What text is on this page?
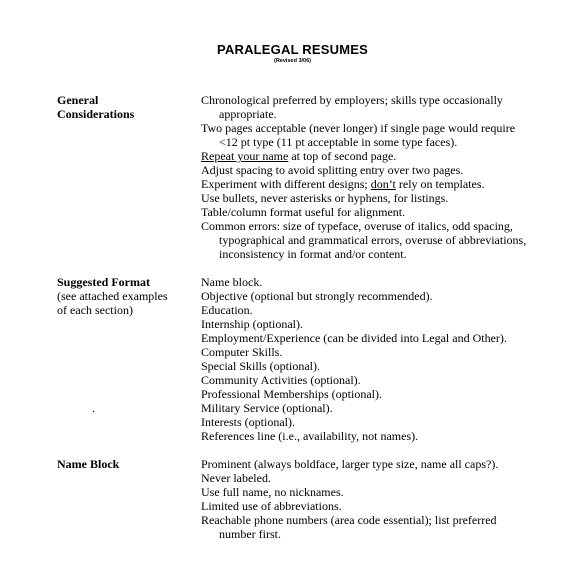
PARALEGAL RESUMES
(Revised 3/06)
General
Considerations
Chronological preferred by employers; skills type occasionally
appropriate.
Two pages acceptable (never longer) if single page would require
<12 pt type (11 pt acceptable in some type faces).
Repeat your name at top of second page.
Adjust spacing to avoid splitting entry over two pages.
Experiment with different designs; don’t rely on templates.
Use bullets, never asterisks or hyphens, for listings.
Table/column format useful for alignment.
Common errors: size of typeface, overuse of italics, odd spacing,
typographical and grammatical errors, overuse of abbreviations,
inconsistency in format and/or content.
Suggested Format
(see attached examples
of each section)
Name block.
Objective (optional but strongly recommended).
Education.
Internship (optional).
Employment/Experience (can be divided into Legal and Other).
Computer Skills.
Special Skills (optional).
Community Activities (optional).
Professional Memberships (optional).
Military Service (optional).
Interests (optional).
References line (i.e., availability, not names).
.
Name Block	Prominent (always boldface, larger type size, name all caps?).
Never labeled.
Use full name, no nicknames.
Limited use of abbreviations.
Reachable phone numbers (area code essential); list preferred
number first.
